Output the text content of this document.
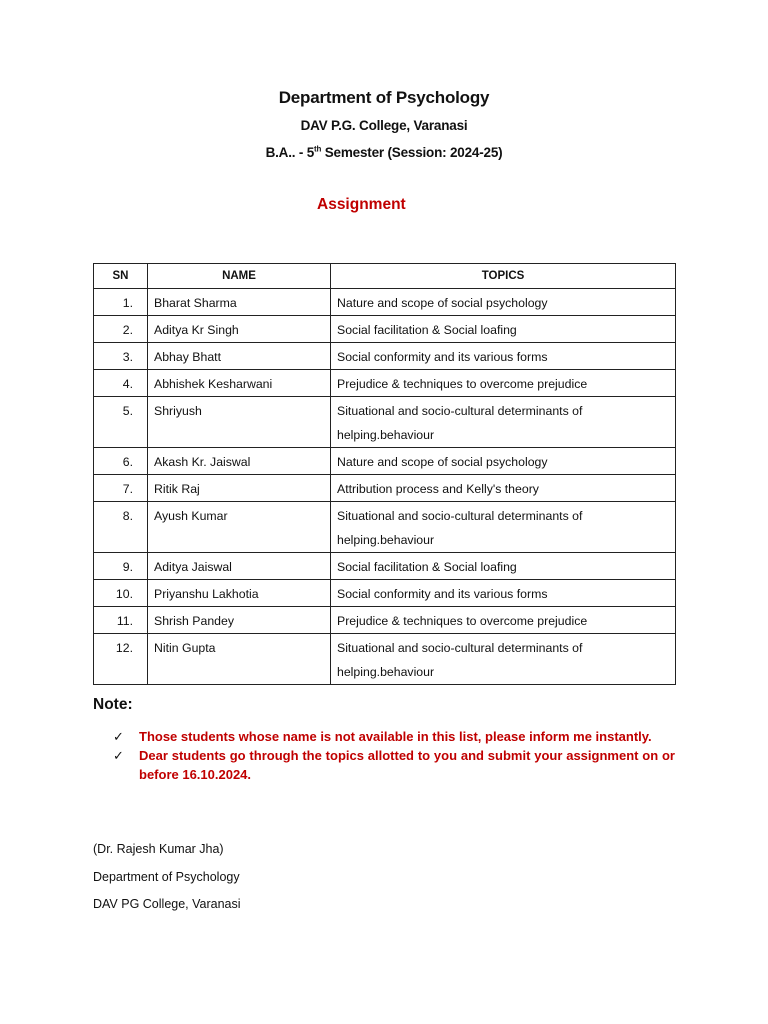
Department of Psychology
DAV P.G. College, Varanasi
B.A.. - 5th Semester (Session: 2024-25)
Assignment
SN	NAME	TOPICS
1.	Bharat Sharma	Nature and scope of social psychology
2.	Aditya Kr Singh	Social facilitation & Social loafing
3.	Abhay Bhatt	Social conformity and its various forms
4.	Abhishek Kesharwani	Prejudice & techniques to overcome prejudice
5.	Shriyush	Situational and socio-cultural determinants of helping.behaviour
6.	Akash Kr. Jaiswal	Nature and scope of social psychology
7.	Ritik Raj	Attribution process and Kelly's theory
8.	Ayush Kumar	Situational and socio-cultural determinants of helping.behaviour
9.	Aditya Jaiswal	Social facilitation & Social loafing
10.	Priyanshu Lakhotia	Social conformity and its various forms
11.	Shrish Pandey	Prejudice & techniques to overcome prejudice
12.	Nitin Gupta	Situational and socio-cultural determinants of helping.behaviour
Note:
✓ Those students whose name is not available in this list, please inform me instantly.
✓ Dear students go through the topics allotted to you and submit your assignment on or before 16.10.2024.
(Dr. Rajesh Kumar Jha)
Department of Psychology
DAV PG College, Varanasi
